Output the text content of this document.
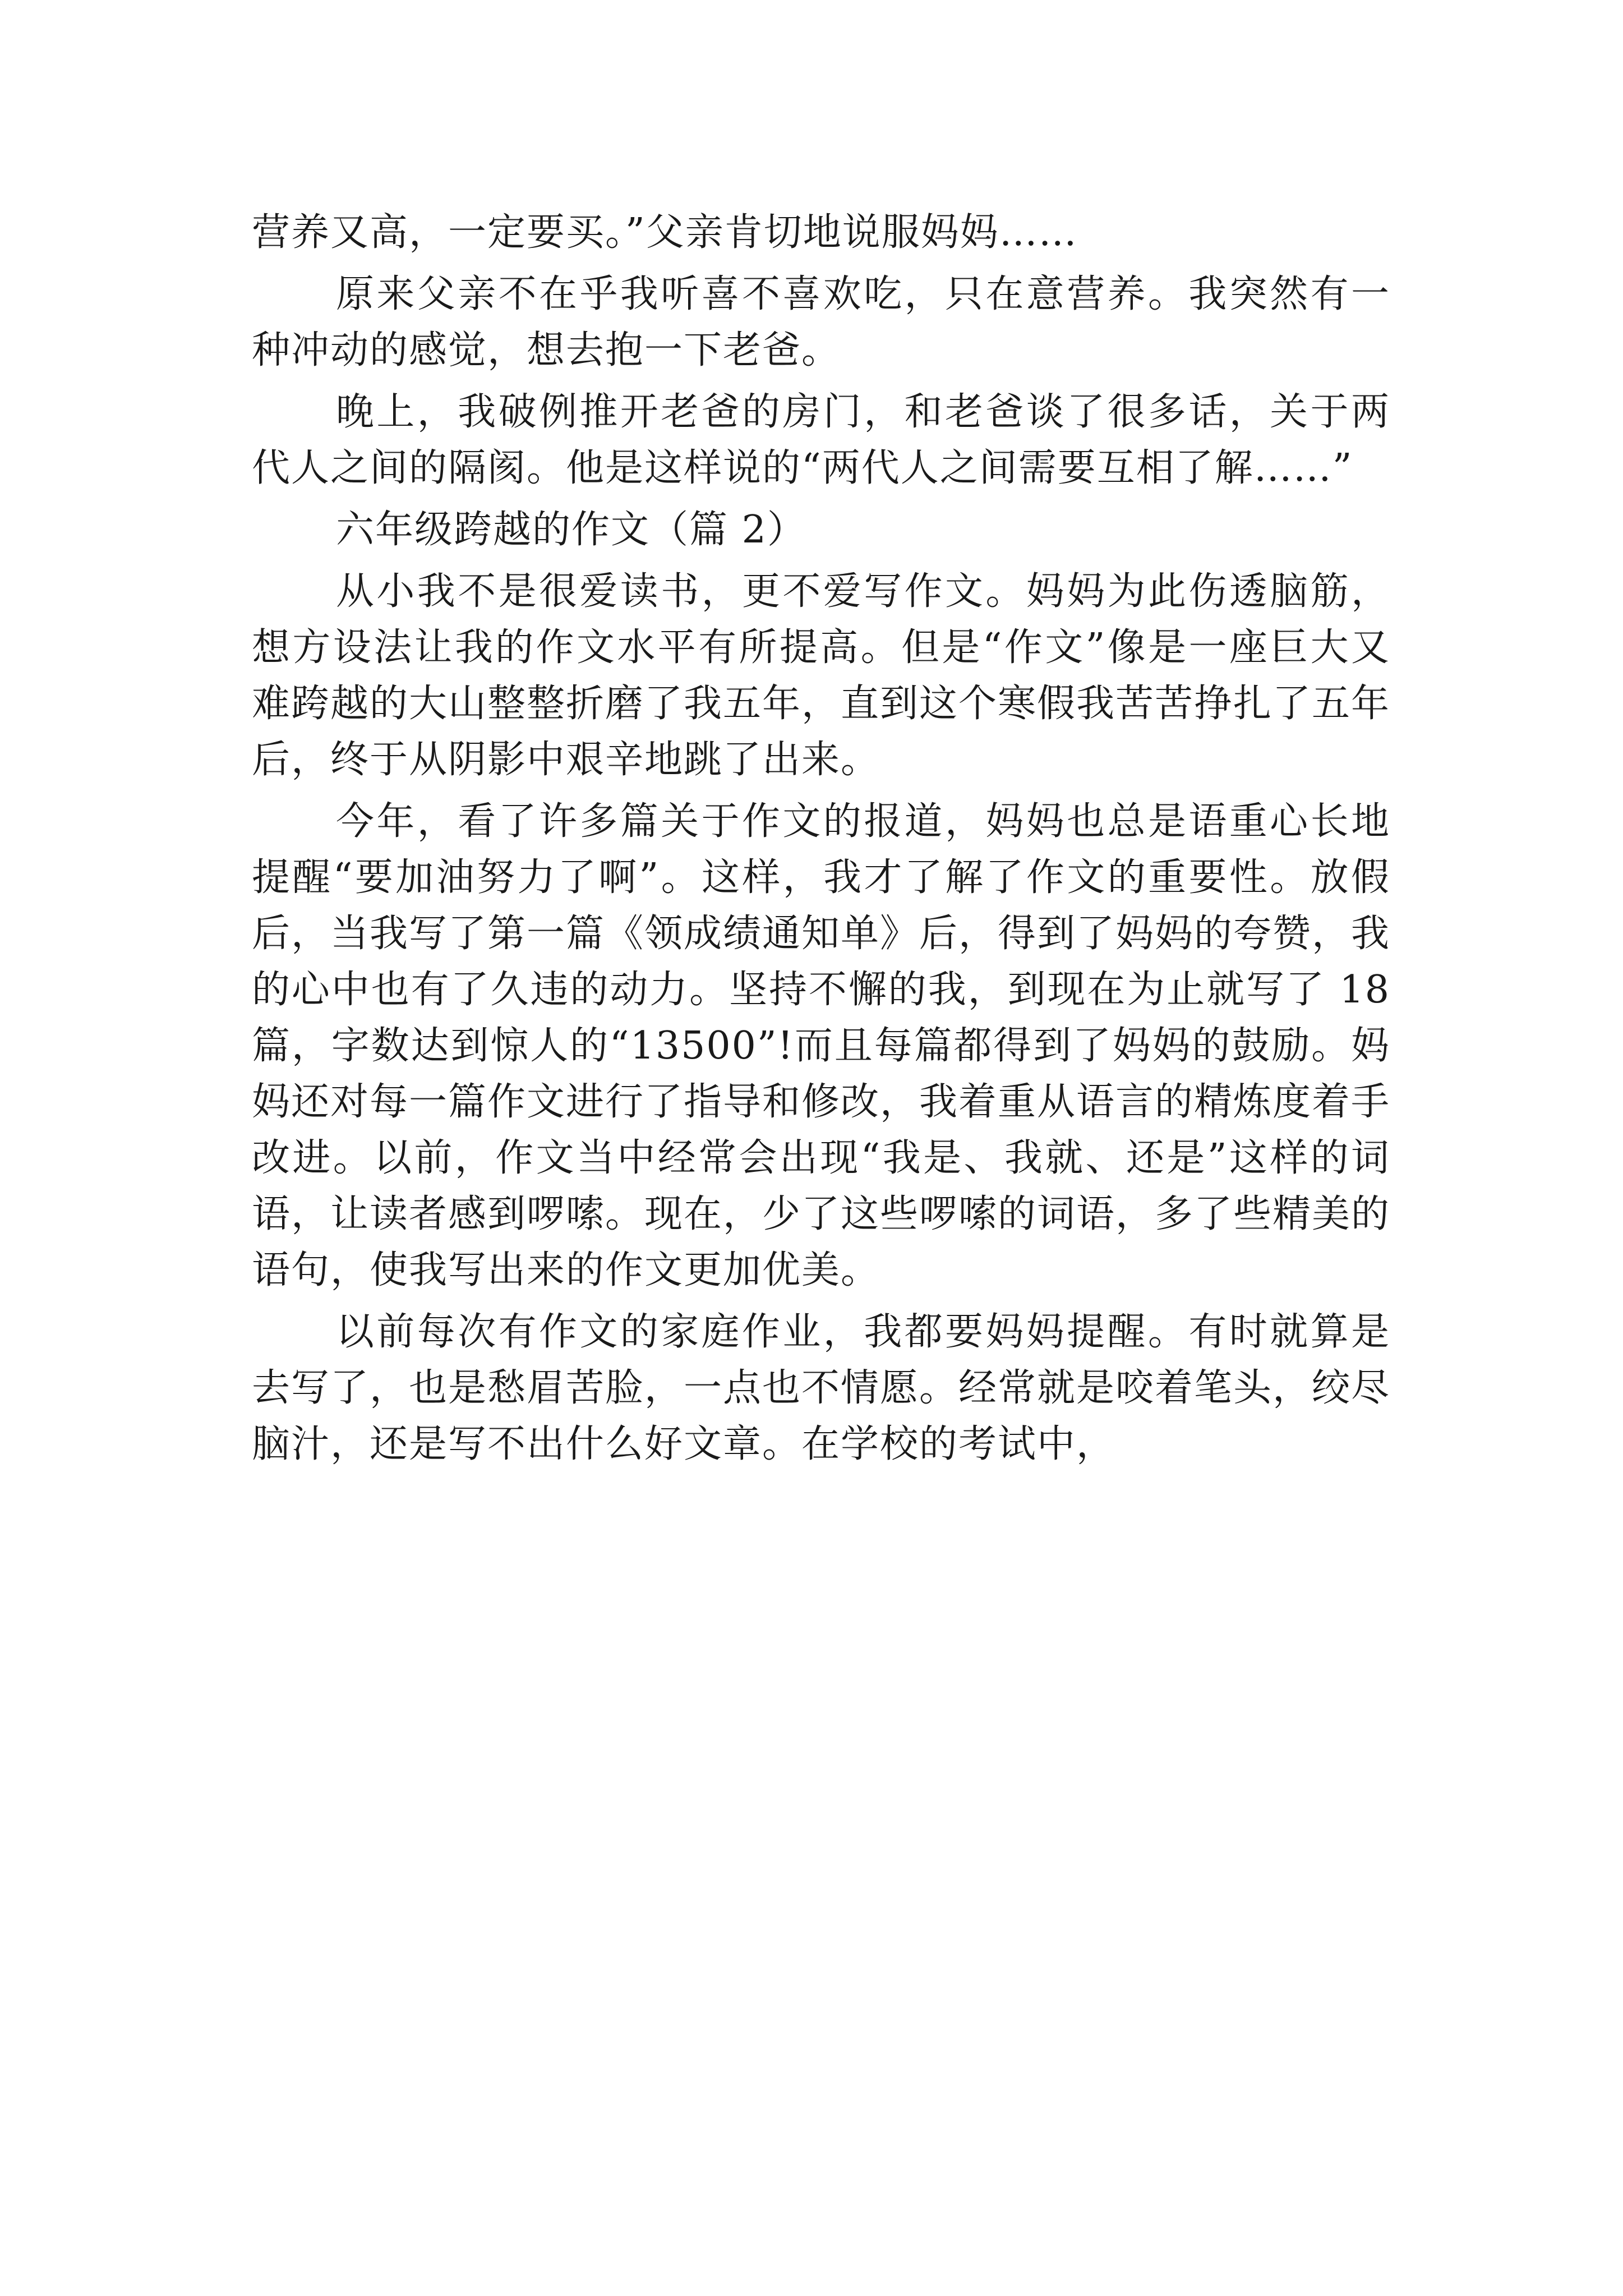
营养又高，一定要买。”父亲肯切地说服妈妈……

原来父亲不在乎我听喜不喜欢吃，只在意营养。我突然有一种冲动的感觉，想去抱一下老爸。

晚上，我破例推开老爸的房门，和老爸谈了很多话，关于两代人之间的隔阂。他是这样说的“两代人之间需要互相了解……”

六年级跨越的作文（篇 2）

从小我不是很爱读书，更不爱写作文。妈妈为此伤透脑筋，想方设法让我的作文水平有所提高。但是“作文”像是一座巨大又难跨越的大山整整折磨了我五年，直到这个寒假我苦苦挣扎了五年后，终于从阴影中艰辛地跳了出来。

今年，看了许多篇关于作文的报道，妈妈也总是语重心长地提醒“要加油努力了啊”。这样，我才了解了作文的重要性。放假后，当我写了第一篇《领成绩通知单》后，得到了妈妈的夸赞，我的心中也有了久违的动力。坚持不懈的我，到现在为止就写了 18 篇，字数达到惊人的“13500”!而且每篇都得到了妈妈的鼓励。妈妈还对每一篇作文进行了指导和修改，我着重从语言的精炼度着手改进。以前，作文当中经常会出现“我是、我就、还是”这样的词语，让读者感到啰嗦。现在，少了这些啰嗦的词语，多了些精美的语句，使我写出来的作文更加优美。

以前每次有作文的家庭作业，我都要妈妈提醒。有时就算是去写了，也是愁眉苦脸，一点也不情愿。经常就是咬着笔头，绞尽脑汁，还是写不出什么好文章。在学校的考试中，
